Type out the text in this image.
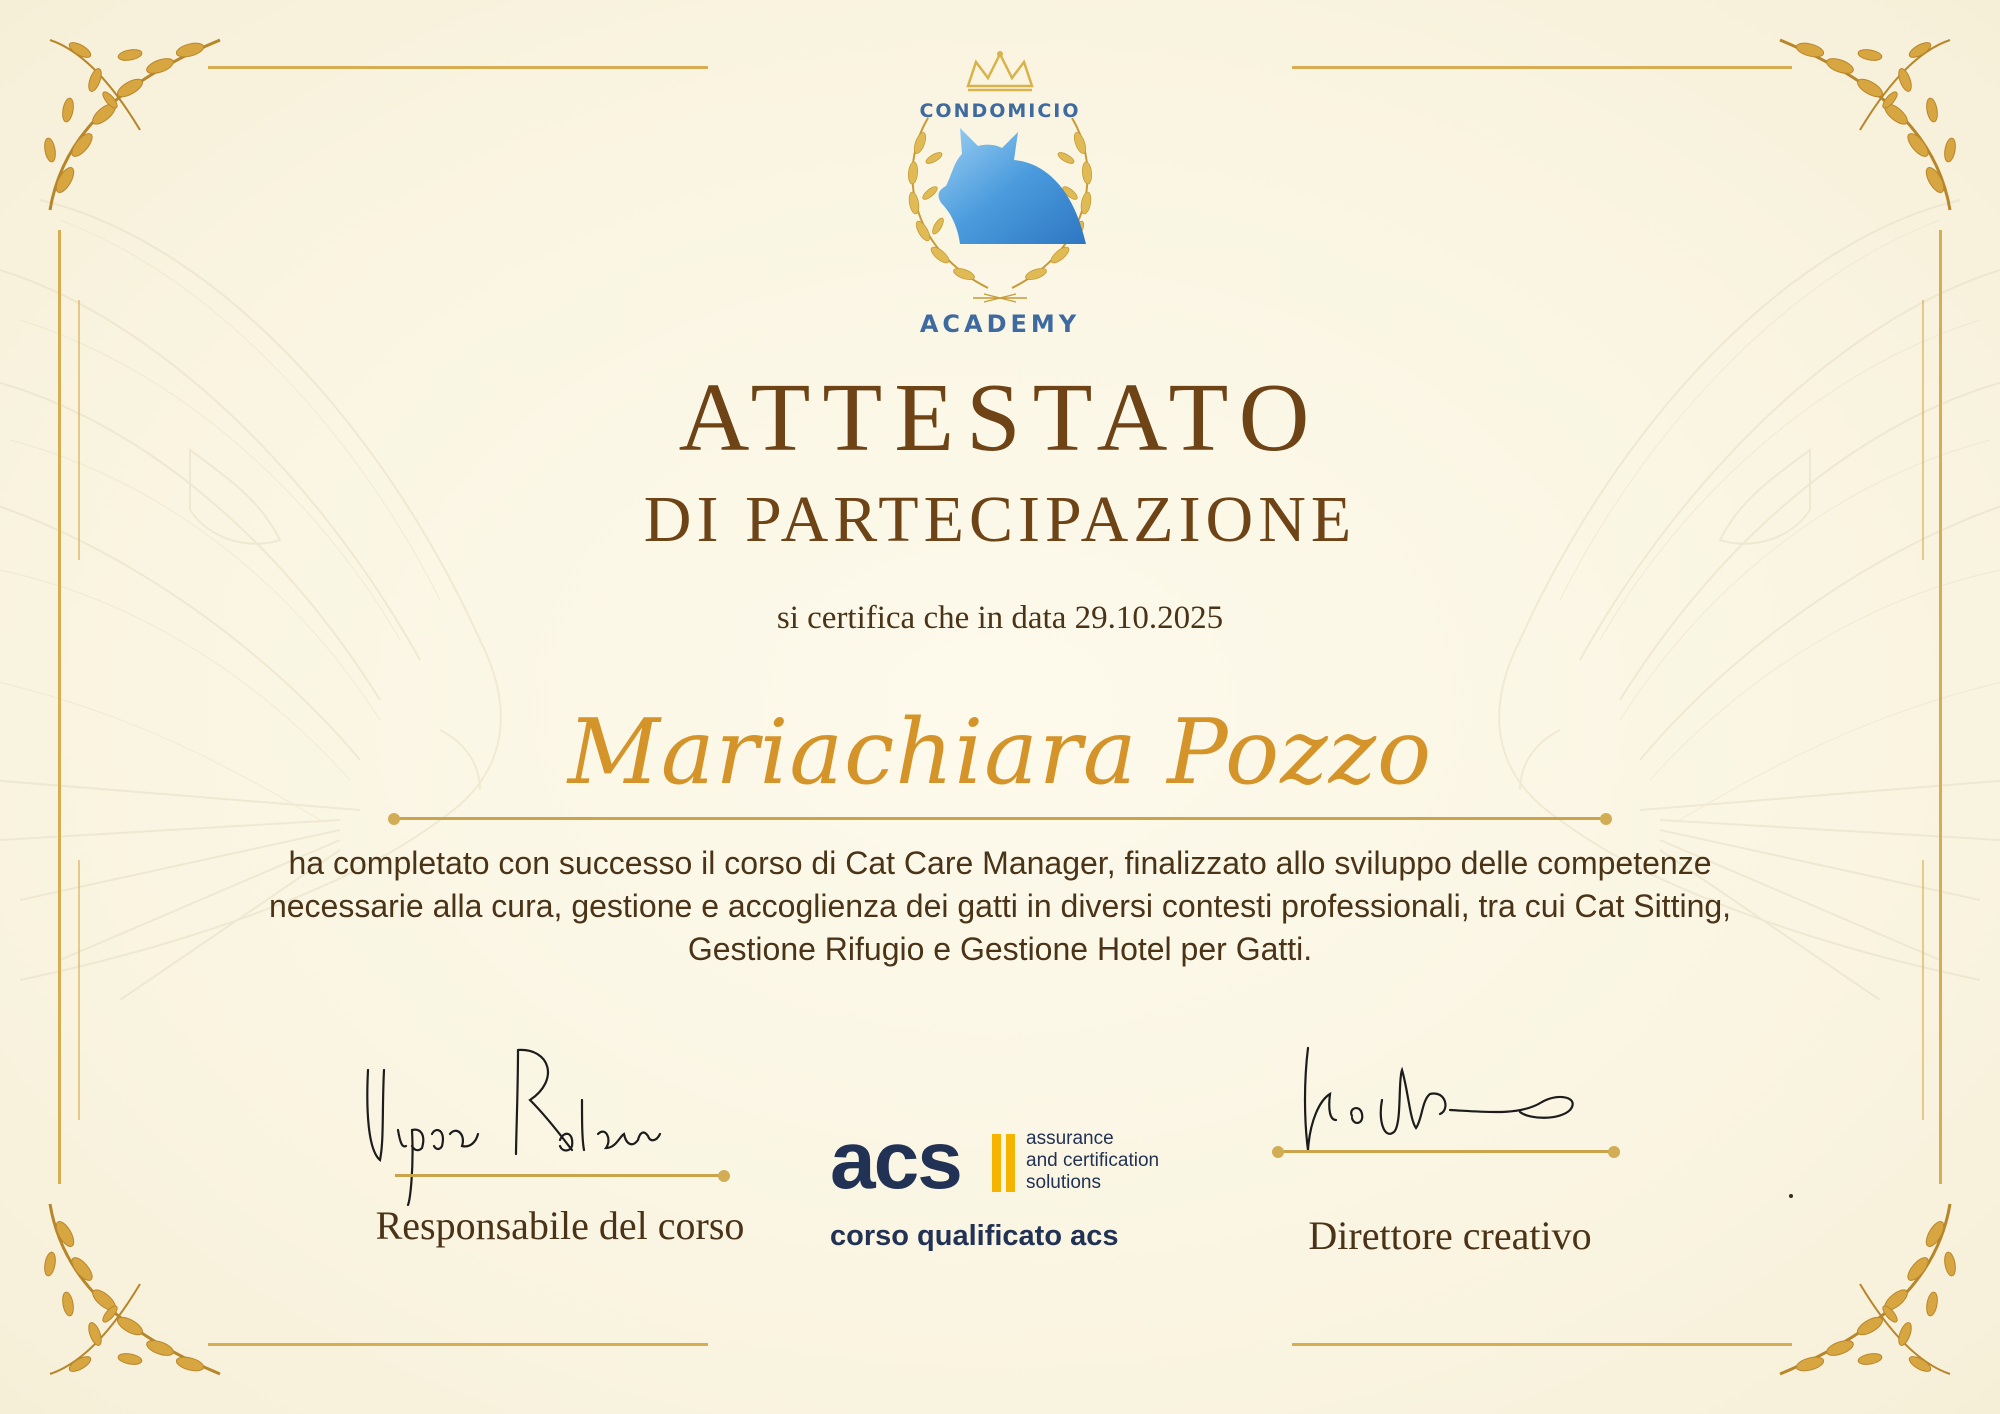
CONDOMICIO
ACADEMY
ATTESTATO
DI PARTECIPAZIONE
si certifica che in data 29.10.2025
Mariachiara Pozzo
ha completato con successo il corso di Cat Care Manager, finalizzato allo sviluppo delle competenze necessarie alla cura, gestione e accoglienza dei gatti in diversi contesti professionali, tra cui Cat Sitting, Gestione Rifugio e Gestione Hotel per Gatti.
Responsabile del corso	Direttore creativo
acs	assurance
and certification
solutions
corso qualificato acs
